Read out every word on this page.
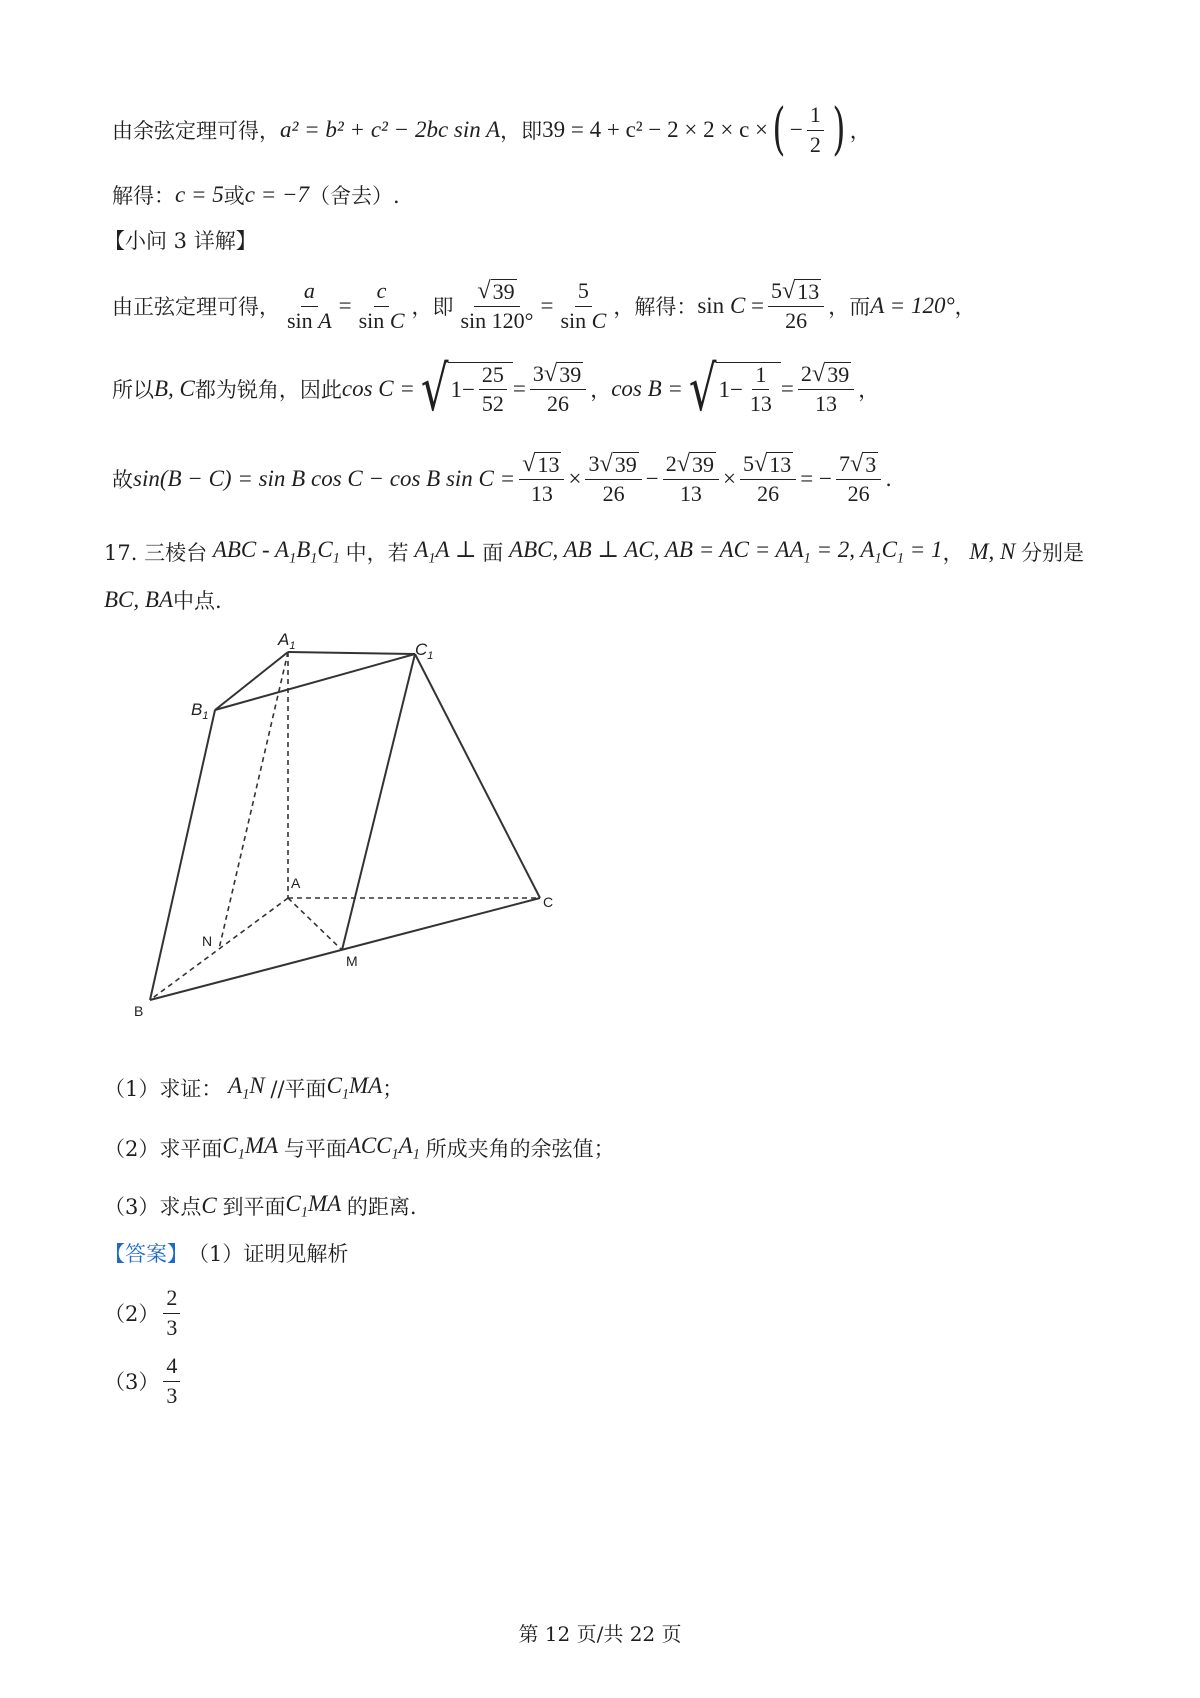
由余弦定理可得， a² = b² + c² − 2bc sin A ，即 39 = 4 + c² − 2 × 2 × c × ( − $\frac{1}{2}$ ) ，
解得： c = 5 或 c = −7 （舍去）.
【小问 3 详解】
由正弦定理可得， $\frac{a}{\text{sin A}} = \frac{c}{\text{sin C}}$ ，即 $\frac{√ 39}{\sin 120^\circ} = \frac{5}{\text{sin C}}$ ，解得： $\sin C = \frac{5 √ 13}{26}$ ，而 A = 120° ，
所以 B, C 都为锐角，因此 cos C = √ $1- \frac{25}{52} = \frac{3 √ 39}{26}$ ， cos B = √ $1- \frac{1}{13} = \frac{2 √ 39}{13}$ ，
故 sin(B − C) = sin B cos C − cos B $\sin C = \frac{√ 13}{13} \times \frac{3 √ 39}{26} - \frac{2 √ 39}{13} \times \frac{5 √ 13}{26}$ = − $\frac{7 √ 3}{26}$ .
17. 三棱台 ABC - $A_1B_1C_1$ 中，若 $A_1A$ ⊥ 面 ABC, AB ⊥ AC, AB = AC = $AA_1 = 2$, $A_1C_1 = 1$ ， M, N 分别是
BC, BA 中点.
$A_1$	$C_1$
$B_1$
A
C
N
M
B
（1）求证： $A_1N$ //平面 $C_1MA$ ；
（2）求平面 $C_1MA$ 与平面 $ACC_1A_1$ 所成夹角的余弦值；
（3）求点 C 到平面 $C_1MA$ 的距离.
【答案】 （1）证明见解析
$(2) \frac{2}{3}$
$(3) \frac{4}{3}$
第 12 页/共 22 页
